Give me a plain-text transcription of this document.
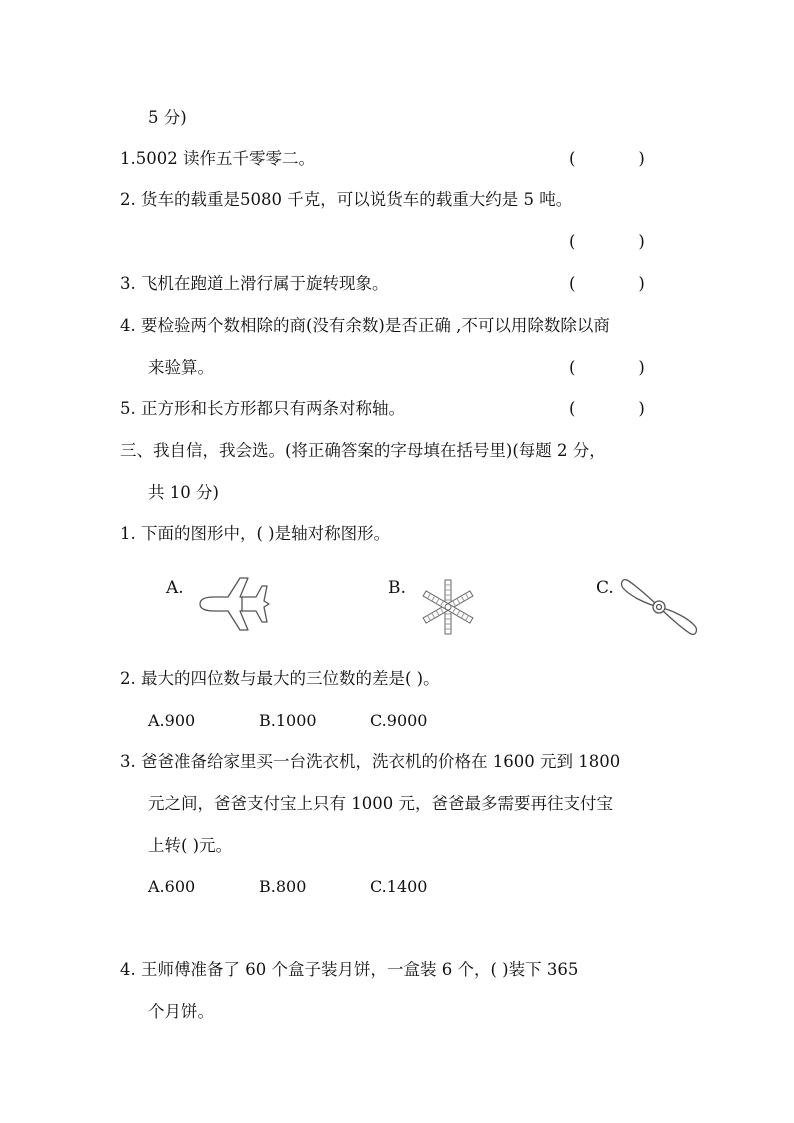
5 分)
1.5002 读作五千零零二。	(            )
2. 货车的载重是5080 千克，可以说货车的载重大约是 5 吨。
(            )
3. 飞机在跑道上滑行属于旋转现象。	(            )
4. 要检验两个数相除的商(没有余数)是否正确 ,不可以用除数除以商
来验算。	(            )
5. 正方形和长方形都只有两条对称轴。	(            )
三、我自信，我会选。(将正确答案的字母填在括号里)(每题 2 分，
共 10 分)
1. 下面的图形中，( )是轴对称图形。
A.	B.	C.
2. 最大的四位数与最大的三位数的差是( )。
A.900	B.1000	C.9000
3. 爸爸准备给家里买一台洗衣机，洗衣机的价格在 1600 元到 1800
元之间，爸爸支付宝上只有 1000 元，爸爸最多需要再往支付宝
上转( )元。
A.600	B.800	C.1400
4. 王师傅准备了 60 个盒子装月饼，一盒装 6 个，( )装下 365
个月饼。
